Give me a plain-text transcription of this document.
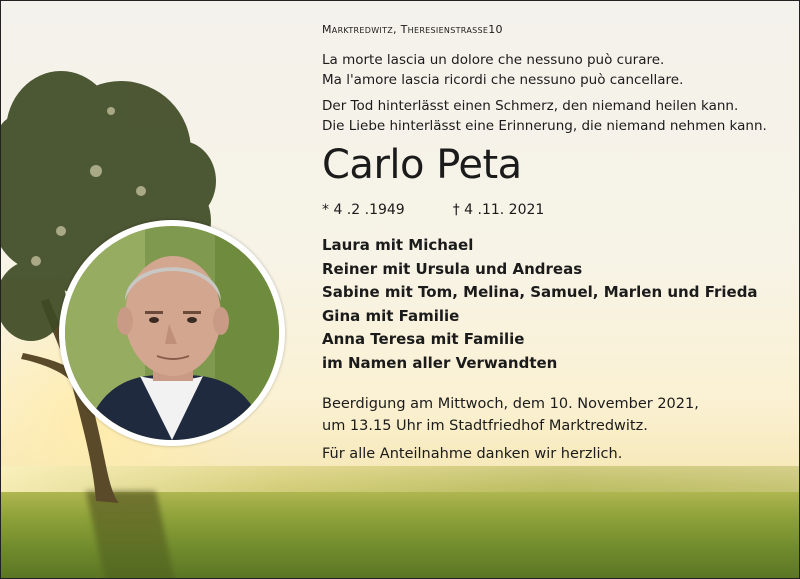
Marktredwitz, Theresienstrasse10
La morte lascia un dolore che nessuno può curare.
Ma l'amore lascia ricordi che nessuno può cancellare.
Der Tod hinterlässt einen Schmerz, den niemand heilen kann.
Die Liebe hinterlässt eine Erinnerung, die niemand nehmen kann.
Carlo Peta
* 4 .2 .1949	† 4 .11. 2021
Laura mit Michael
Reiner mit Ursula und Andreas
Sabine mit Tom, Melina, Samuel, Marlen und Frieda
Gina mit Familie
Anna Teresa mit Familie
im Namen aller Verwandten
Beerdigung am Mittwoch, dem 10. November 2021,
um 13.15 Uhr im Stadtfriedhof Marktredwitz.
Für alle Anteilnahme danken wir herzlich.
